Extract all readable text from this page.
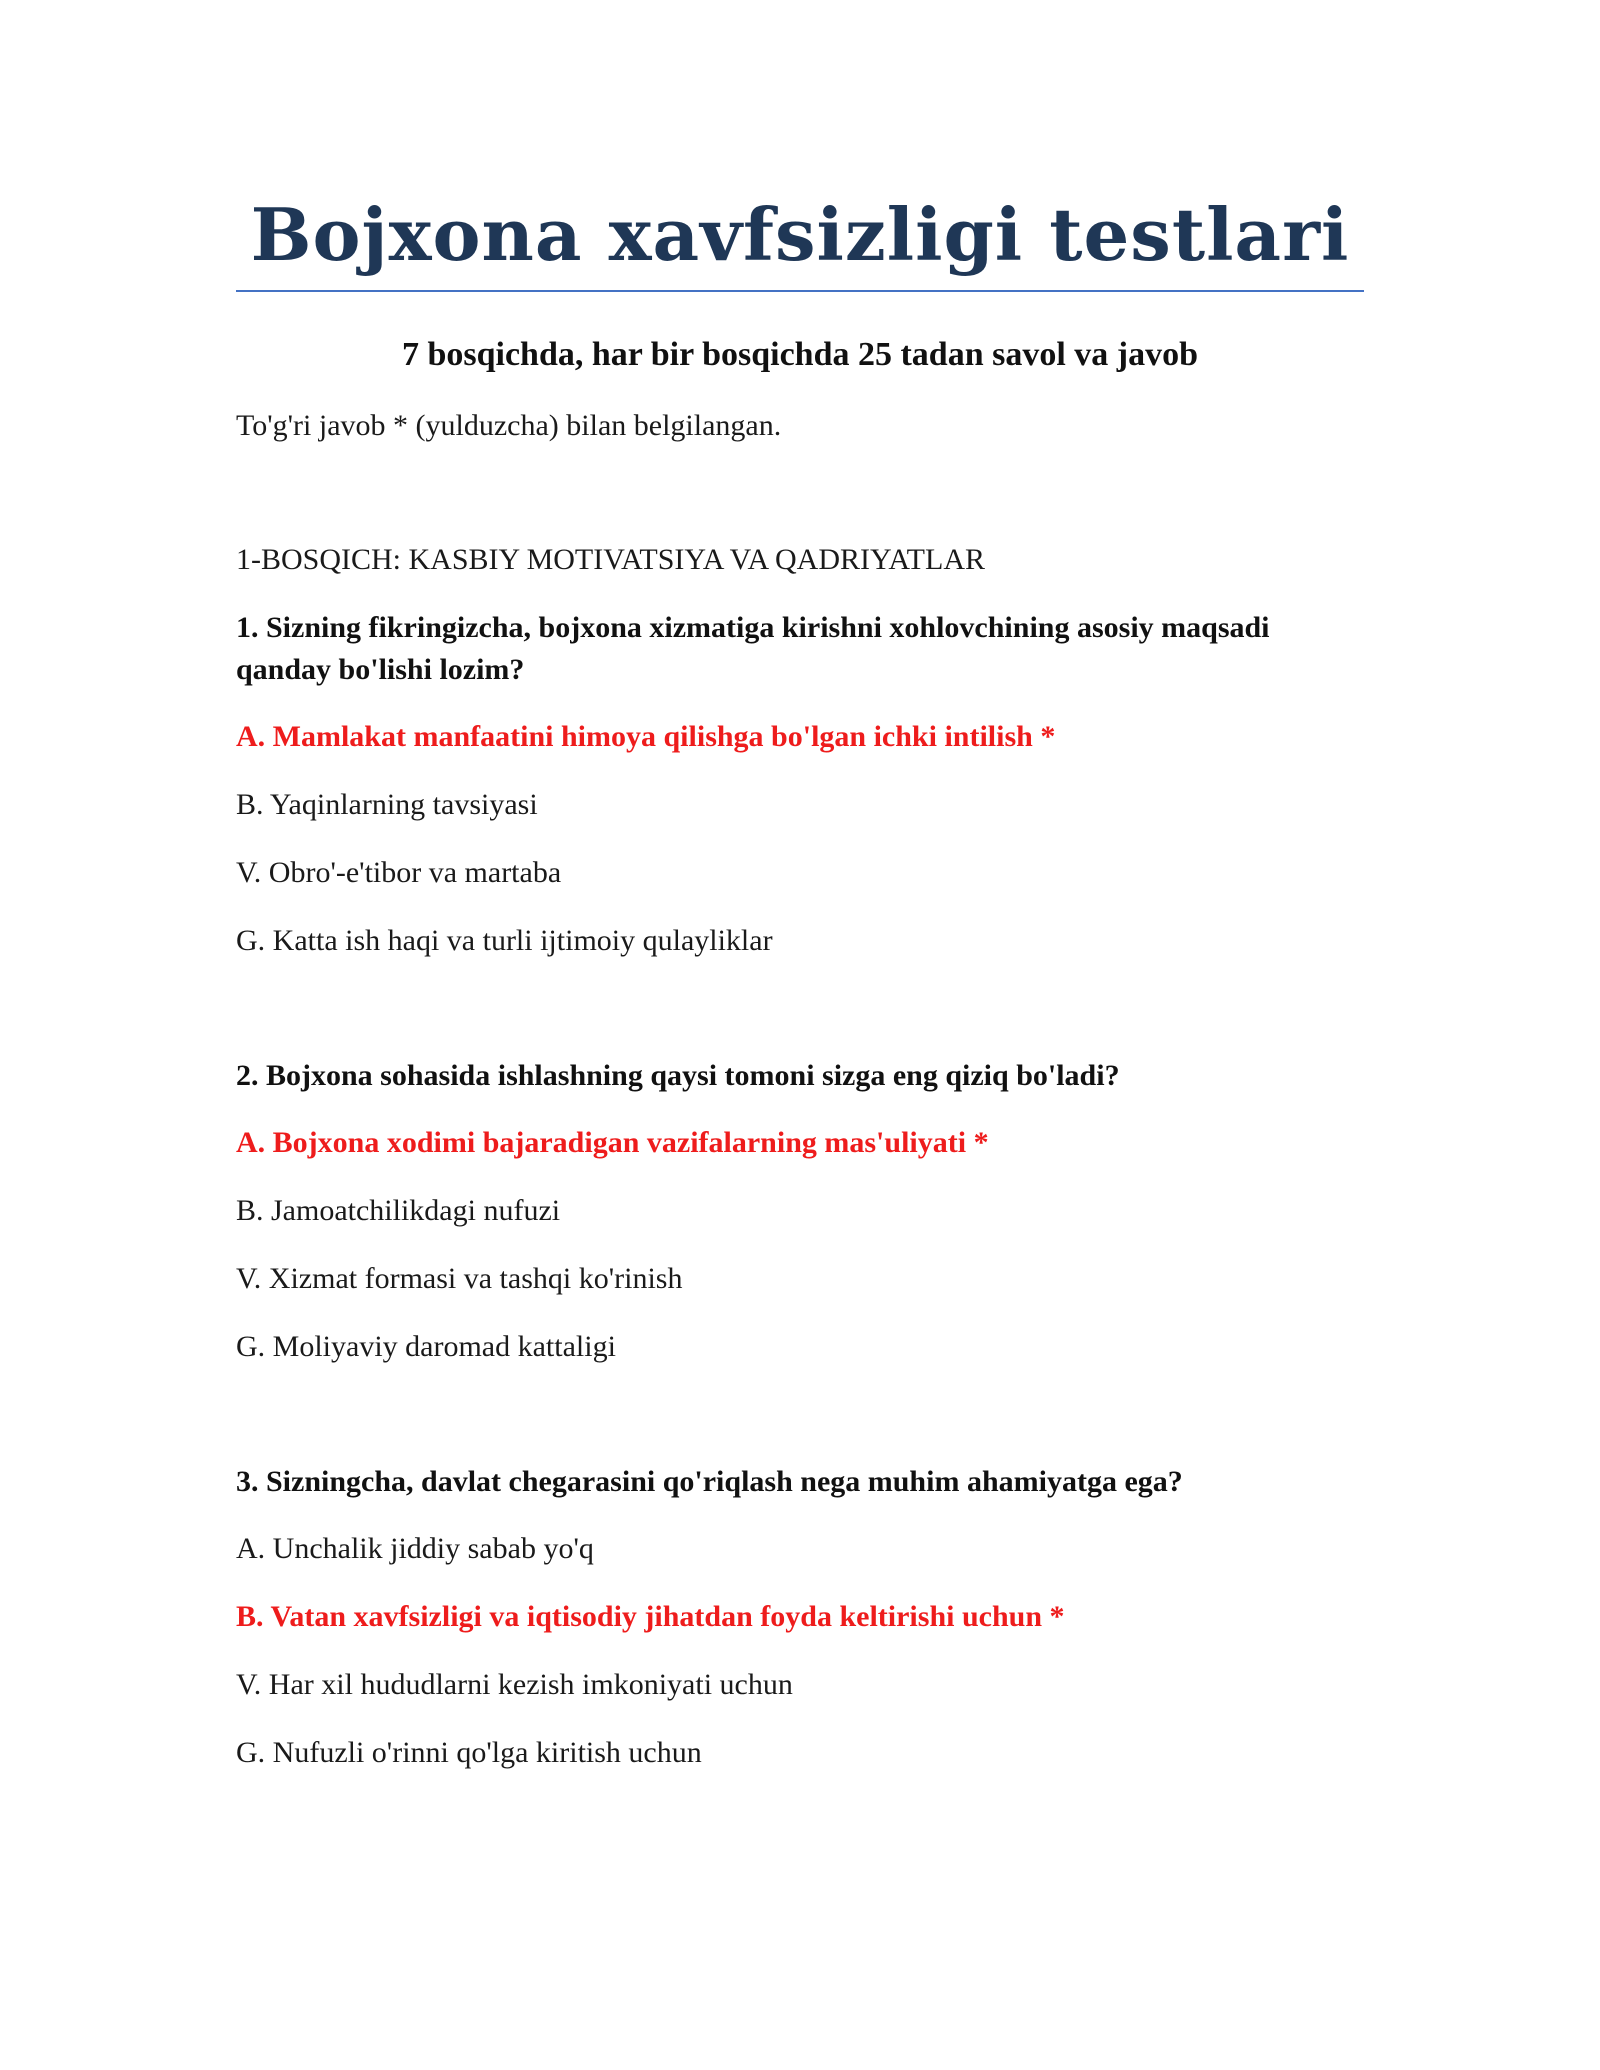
Bojxona xavfsizligi testlari
7 bosqichda, har bir bosqichda 25 tadan savol va javob

To'g'ri javob * (yulduzcha) bilan belgilangan.

1-BOSQICH: KASBIY MOTIVATSIYA VA QADRIYATLAR

1. Sizning fikringizcha, bojxona xizmatiga kirishni xohlovchining asosiy maqsadi qanday bo'lishi lozim?

A. Mamlakat manfaatini himoya qilishga bo'lgan ichki intilish *

B. Yaqinlarning tavsiyasi

V. Obro'-e'tibor va martaba

G. Katta ish haqi va turli ijtimoiy qulayliklar

2. Bojxona sohasida ishlashning qaysi tomoni sizga eng qiziq bo'ladi?

A. Bojxona xodimi bajaradigan vazifalarning mas'uliyati *

B. Jamoatchilikdagi nufuzi

V. Xizmat formasi va tashqi ko'rinish

G. Moliyaviy daromad kattaligi

3. Sizningcha, davlat chegarasini qo'riqlash nega muhim ahamiyatga ega?

A. Unchalik jiddiy sabab yo'q

B. Vatan xavfsizligi va iqtisodiy jihatdan foyda keltirishi uchun *

V. Har xil hududlarni kezish imkoniyati uchun

G. Nufuzli o'rinni qo'lga kiritish uchun
